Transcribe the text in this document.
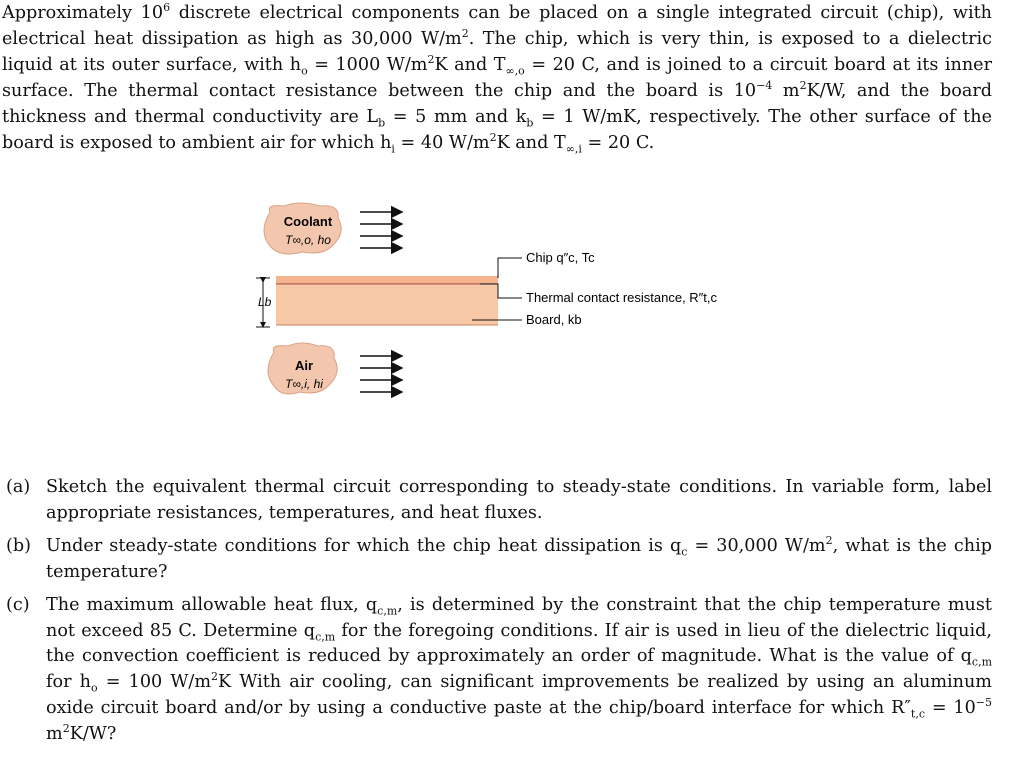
Approximately $10^6$ discrete electrical components can be placed on a single integrated circuit (chip), with electrical heat dissipation as high as 30,000 $W/m^2$. The chip, which is very thin, is exposed to a dielectric liquid at its outer surface, with $h_o = 1000$ $W/m^2K$ and $T_{\infty,o} = 20$ C, and is joined to a circuit board at its inner surface. The thermal contact resistance between the chip and the board is $10^{-4}$ $m^2K/W$, and the board thickness and thermal conductivity are $L_b = 5$ mm and $k_b = 1$ W/mK, respectively. The other surface of the board is exposed to ambient air for which $h_i = 40$ $W/m^2K$ and $T_{\infty,i} = 20$ C.

Coolant
T∞,o, ho
Chip q″c, Tc
Thermal contact resistance, R″t,c
Board, kb
Lb
Air
T∞,i, hi
(a) Sketch the equivalent thermal circuit corresponding to steady-state conditions. In variable form, label appropriate resistances, temperatures, and heat fluxes.
(b) Under steady-state conditions for which the chip heat dissipation is $q_c = 30,000$ $W/m^2$, what is the chip temperature?
(c) The maximum allowable heat flux, $q_{c,m}$, is determined by the constraint that the chip temperature must not exceed 85 C. Determine $q_{c,m}$ for the foregoing conditions. If air is used in lieu of the dielectric liquid, the convection coefficient is reduced by approximately an order of magnitude. What is the value of $q_{c,m}$ for $h_o = 100$ $W/m^2K$ With air cooling, can significant improvements be realized by using an aluminum oxide circuit board and/or by using a conductive paste at the chip/board interface for which $R''_{t,c} = 10^{-5}$ $m^2K/W$?
